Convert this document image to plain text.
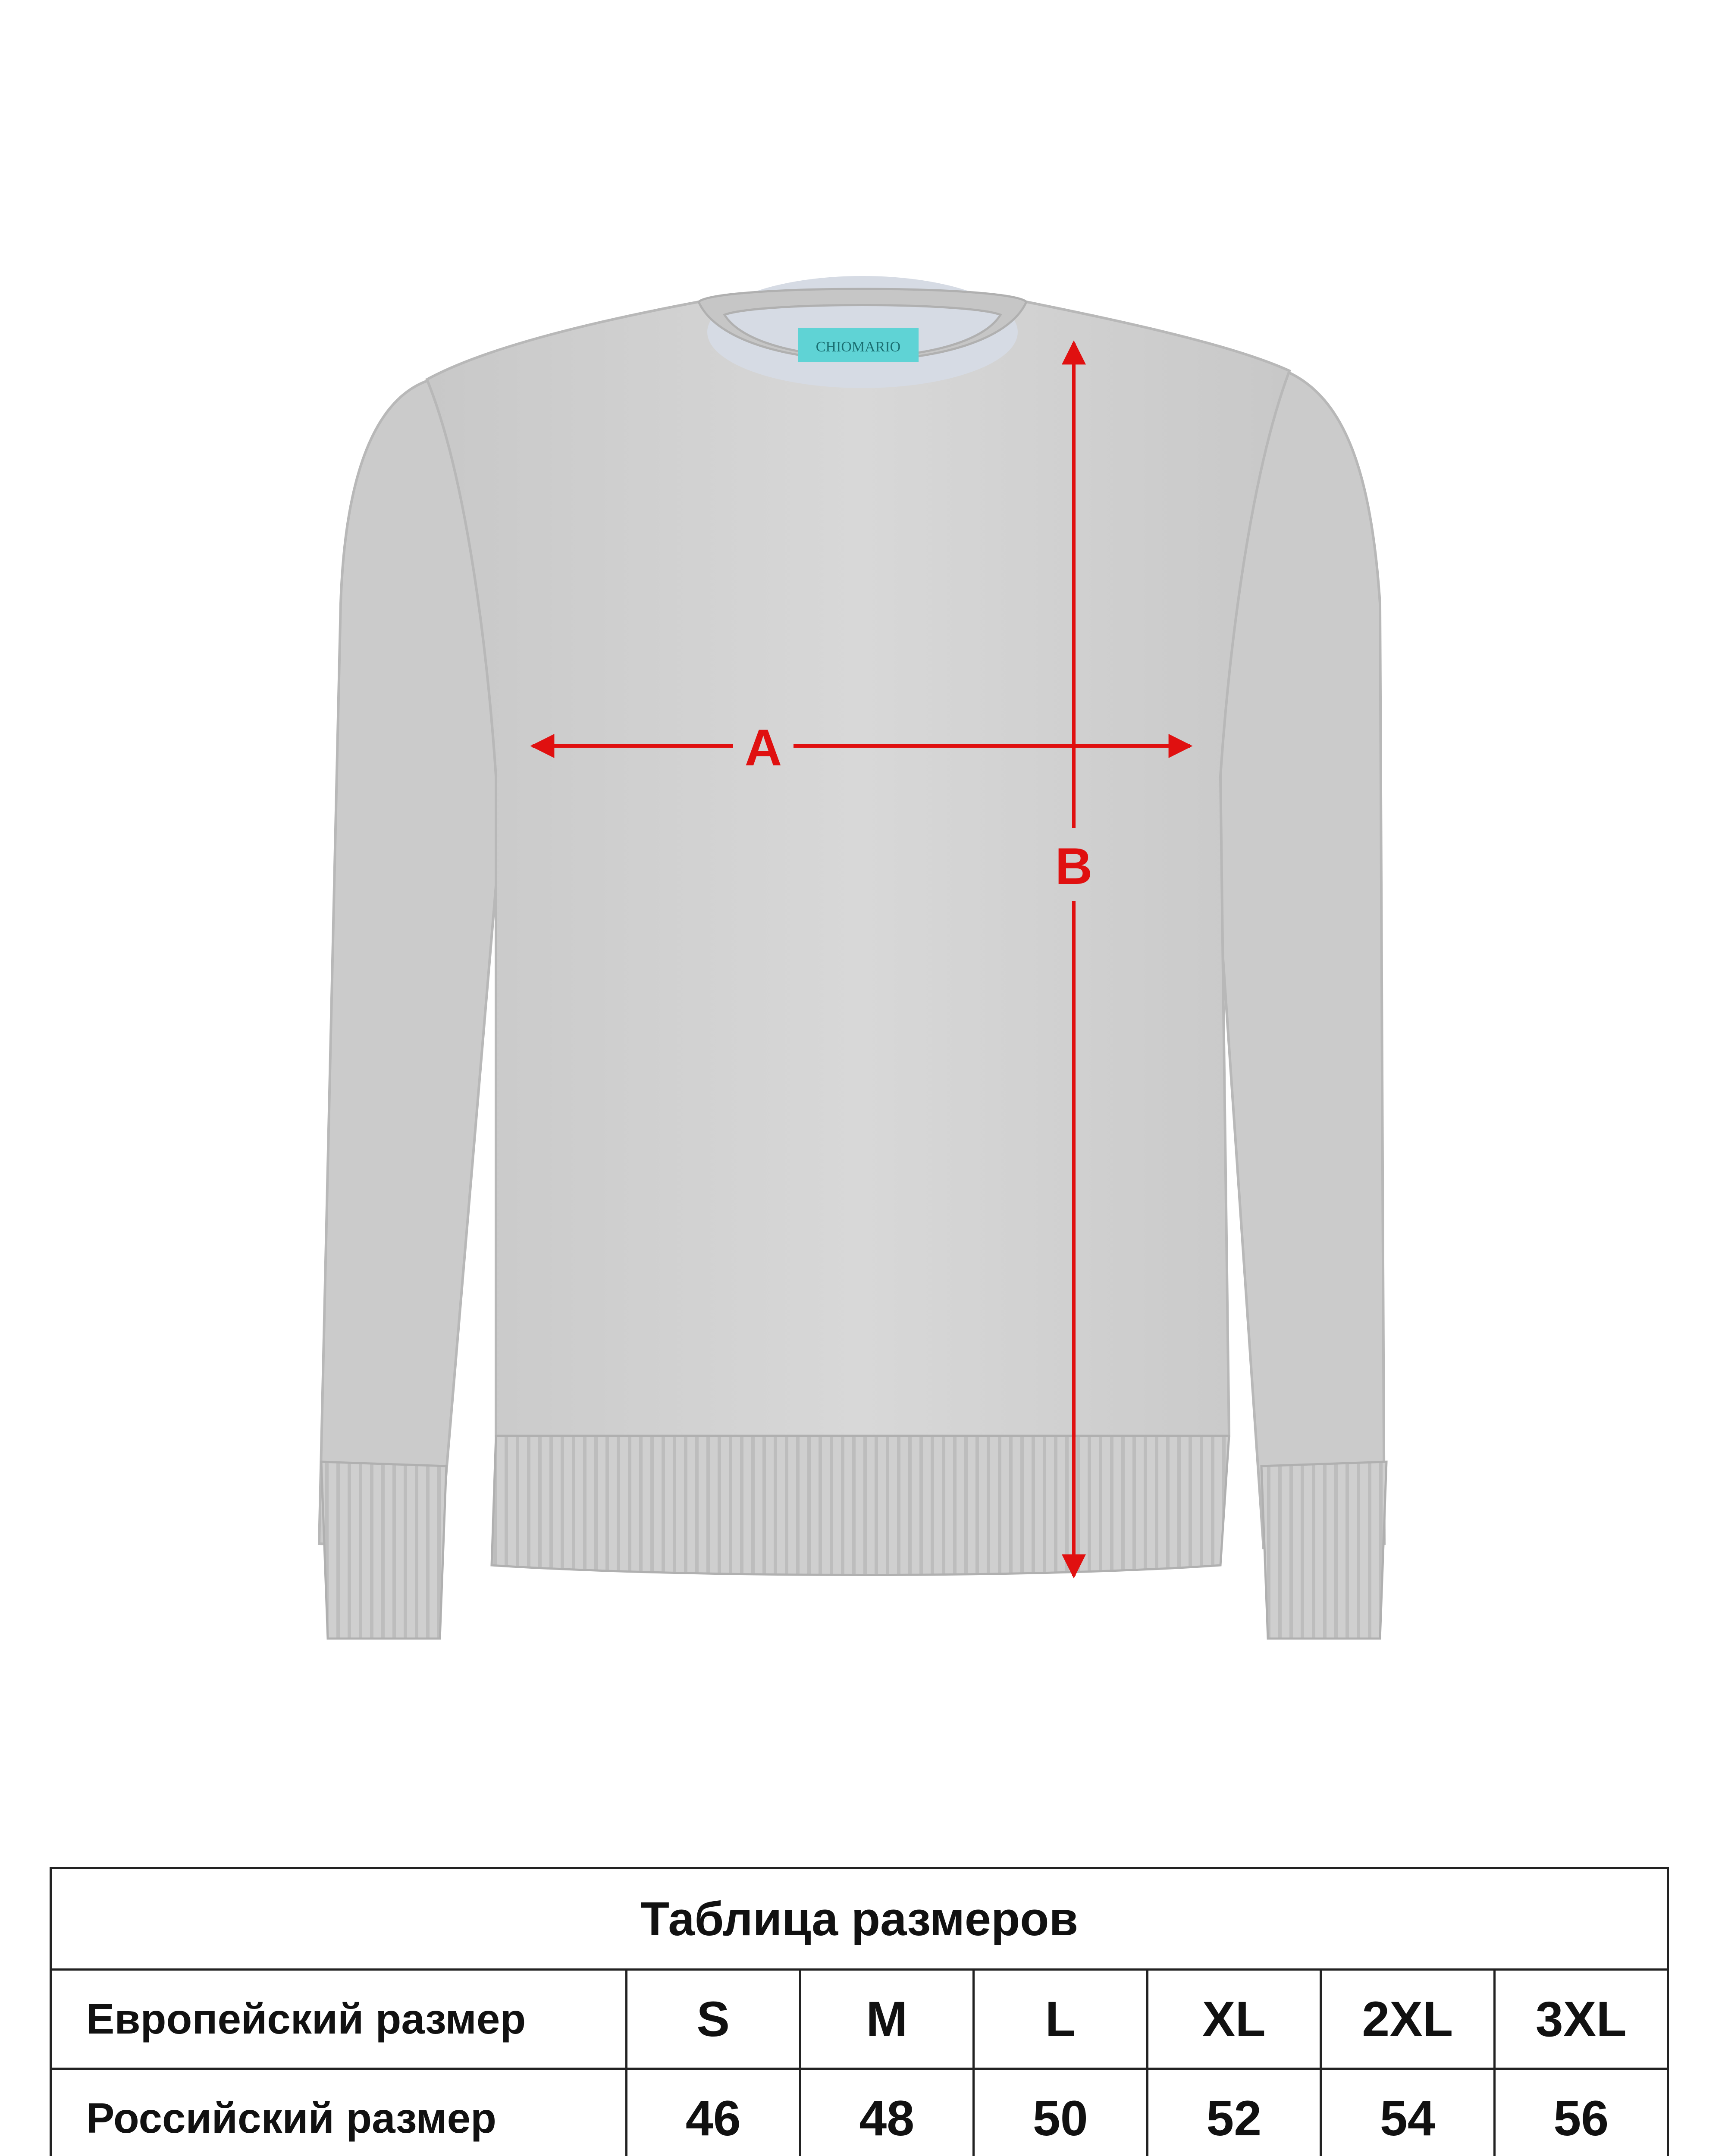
CHIOMARIO
A
B
Таблица размеров						
Европейский размер	S	M	L	XL	2XL	3XL
Российский размер	46	48	50	52	54	56
